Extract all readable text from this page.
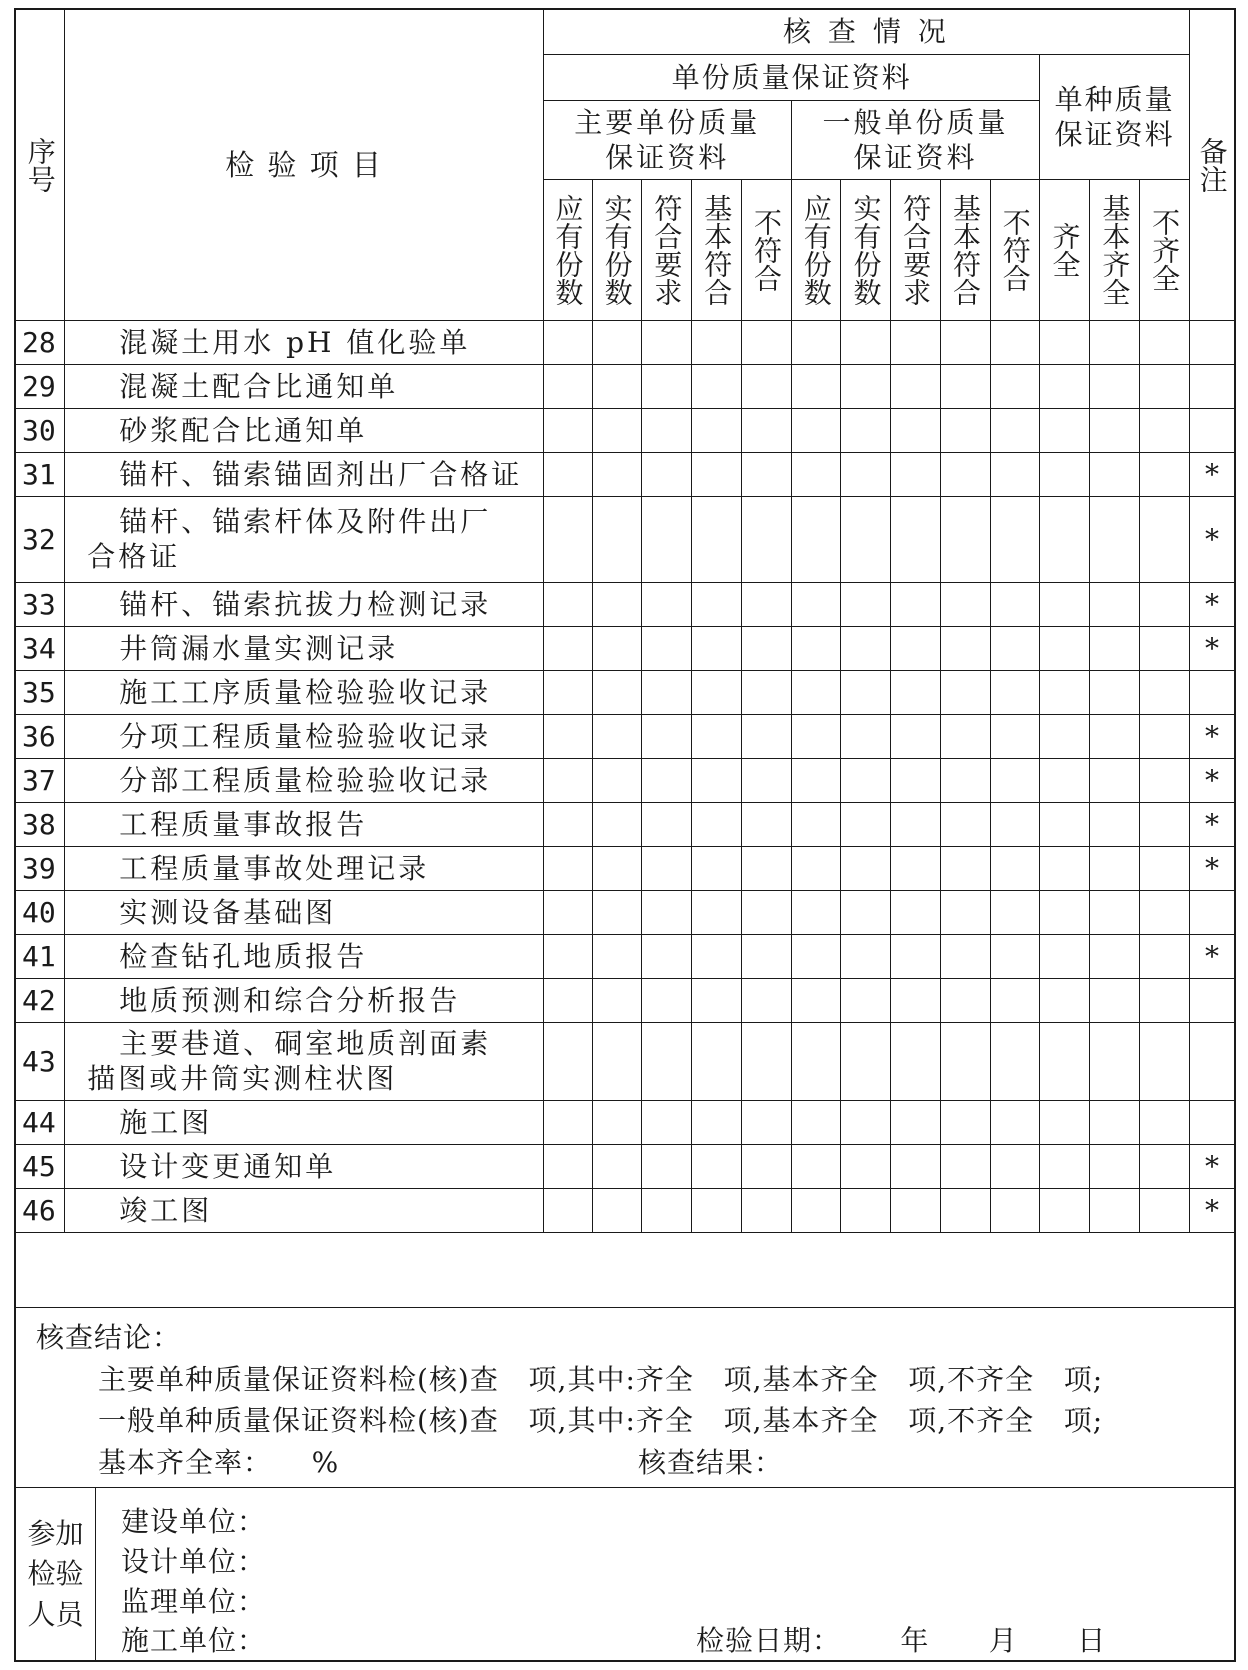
序号	检 验 项 目	核 查 情 况													备注

		单份质量保证资料										单种质量保证资料			
		主要单份质量保证资料					一般单份质量保证资料								

		应有份数	实有份数	符合要求	基本符合	不符合	应有份数	实有份数	符合要求	基本符合	不符合	齐全	基本齐全	不齐全	

28	混凝土用水 pH 值化验单														
29	混凝土配合比通知单														
30	砂浆配合比通知单														
31	锚杆、锚索锚固剂出厂合格证														*
32	锚杆、锚索杆体及附件出厂
合格证														*
33	锚杆、锚索抗拔力检测记录														*
34	井筒漏水量实测记录														*
35	施工工序质量检验验收记录														
36	分项工程质量检验验收记录														*
37	分部工程质量检验验收记录														*
38	工程质量事故报告														*
39	工程质量事故处理记录														*
40	实测设备基础图														
41	检查钻孔地质报告														*
42	地质预测和综合分析报告														
43	主要巷道、硐室地质剖面素
描图或井筒实测柱状图														
44	施工图														
45	设计变更通知单														*
46	竣工图														*
核查结论：
主要单种质量保证资料检(核)查   项,其中:齐全   项,基本齐全   项,不齐全   项;
一般单种质量保证资料检(核)查   项,其中:齐全   项,基本齐全   项,不齐全   项;
基本齐全率：    %	核查结果：
参加
检验
人员
建设单位：
设计单位：
监理单位：
施工单位：	检验日期：      年      月      日
